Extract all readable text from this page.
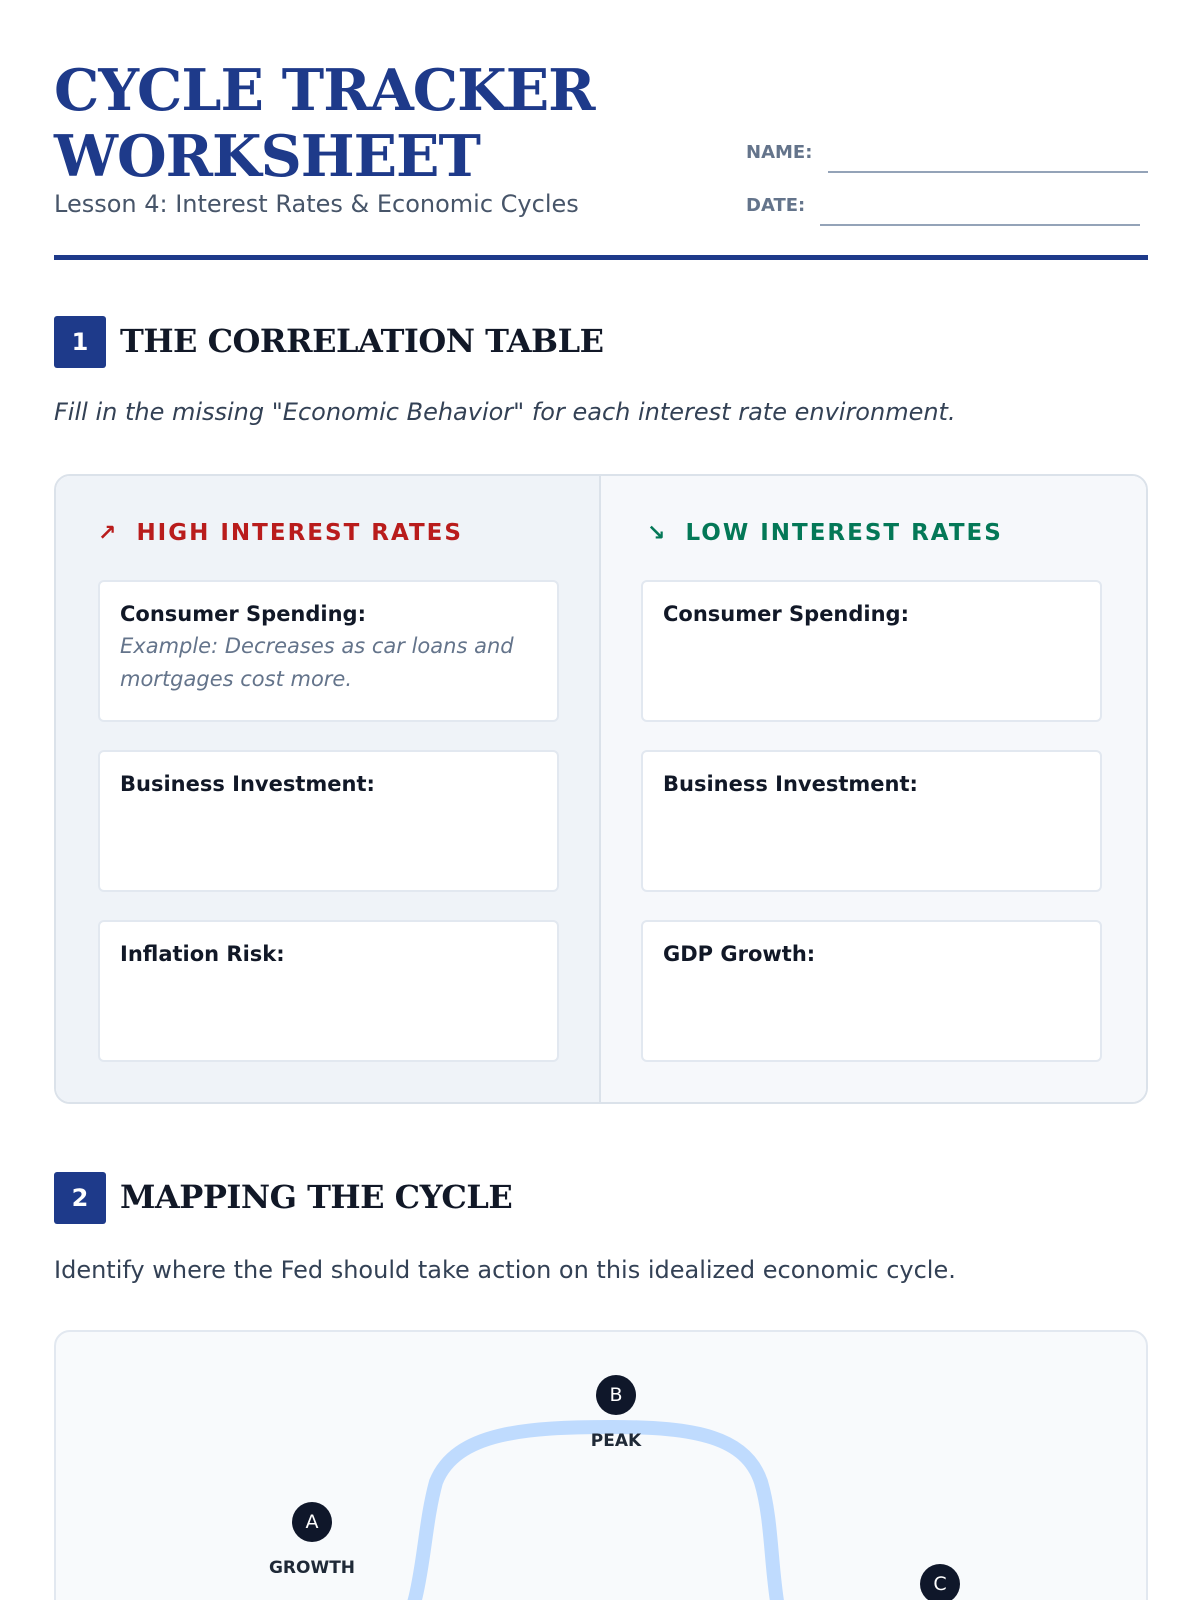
CYCLE TRACKER
WORKSHEET
Lesson 4: Interest Rates & Economic Cycles
NAME:
DATE:
1 THE CORRELATION TABLE
Fill in the missing "Economic Behavior" for each interest rate environment.
↗ HIGH INTEREST RATES
Consumer Spending:
Example: Decreases as car loans and mortgages cost more.
Business Investment:
Inflation Risk:
↘ LOW INTEREST RATES
Consumer Spending:
Business Investment:
GDP Growth:
2 MAPPING THE CYCLE
Identify where the Fed should take action on this idealized economic cycle.
A
GROWTH
B
PEAK
C
